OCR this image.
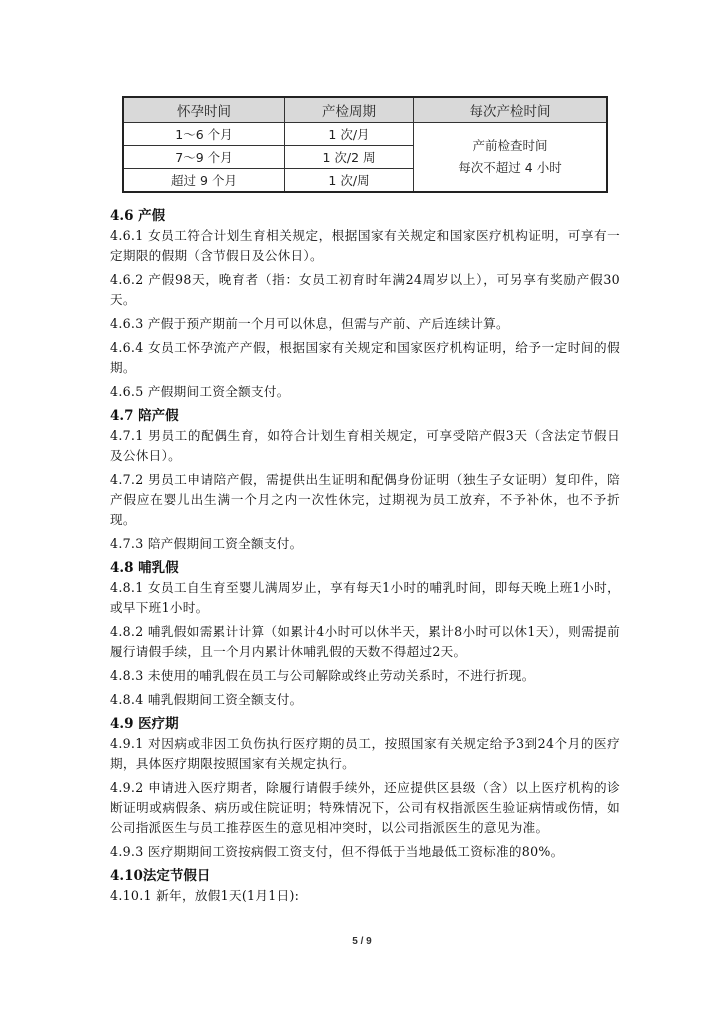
怀孕时间	产检周期	每次产检时间
1～6 个月	1 次/月	产前检查时间
每次不超过 4 小时

7～9 个月	1 次/2 周	
超过 9 个月	1 次/周	
4.6 产假

4.6.1 女员工符合计划生育相关规定，根据国家有关规定和国家医疗机构证明，可享有一定期限的假期（含节假日及公休日）。

4.6.2 产假98天，晚育者（指：女员工初育时年满24周岁以上），可另享有奖励产假30天。

4.6.3 产假于预产期前一个月可以休息，但需与产前、产后连续计算。

4.6.4 女员工怀孕流产产假，根据国家有关规定和国家医疗机构证明，给予一定时间的假期。

4.6.5 产假期间工资全额支付。

4.7 陪产假

4.7.1 男员工的配偶生育，如符合计划生育相关规定，可享受陪产假3天（含法定节假日及公休日）。

4.7.2 男员工申请陪产假，需提供出生证明和配偶身份证明（独生子女证明）复印件，陪产假应在婴儿出生满一个月之内一次性休完，过期视为员工放弃，不予补休，也不予折现。

4.7.3 陪产假期间工资全额支付。

4.8 哺乳假

4.8.1 女员工自生育至婴儿满周岁止，享有每天1小时的哺乳时间，即每天晚上班1小时，或早下班1小时。

4.8.2 哺乳假如需累计计算（如累计4小时可以休半天，累计8小时可以休1天），则需提前履行请假手续，且一个月内累计休哺乳假的天数不得超过2天。

4.8.3 未使用的哺乳假在员工与公司解除或终止劳动关系时，不进行折现。

4.8.4 哺乳假期间工资全额支付。

4.9 医疗期

4.9.1 对因病或非因工负伤执行医疗期的员工，按照国家有关规定给予3到24个月的医疗期，具体医疗期限按照国家有关规定执行。

4.9.2 申请进入医疗期者，除履行请假手续外，还应提供区县级（含）以上医疗机构的诊断证明或病假条、病历或住院证明；特殊情况下，公司有权指派医生验证病情或伤情，如公司指派医生与员工推荐医生的意见相冲突时，以公司指派医生的意见为准。

4.9.3 医疗期期间工资按病假工资支付，但不得低于当地最低工资标准的80%。

4.10法定节假日

4.10.1 新年，放假1天(1月1日):

5 / 9
